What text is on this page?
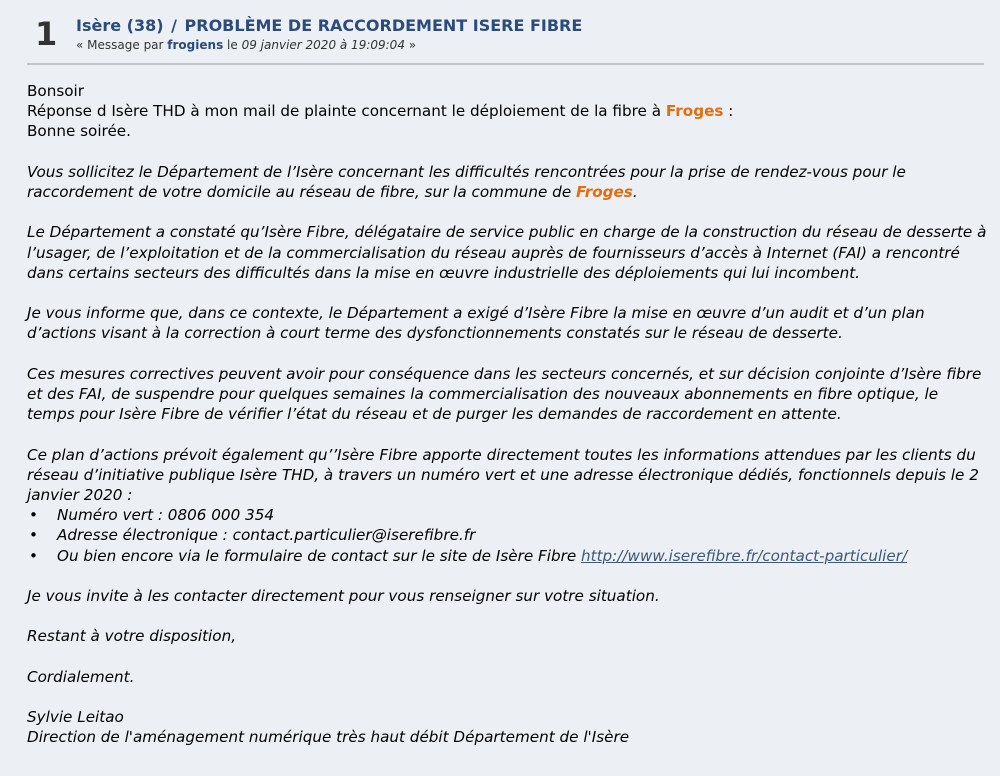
1 Isère (38) / PROBLÈME DE RACCORDEMENT ISERE FIBRE
« Message par frogiens le 09 janvier 2020 à 19:09:04 »

Bonsoir
Réponse d Isère THD à mon mail de plainte concernant le déploiement de la fibre à Froges :
Bonne soirée.

Vous sollicitez le Département de l’Isère concernant les difficultés rencontrées pour la prise de rendez-vous pour le raccordement de votre domicile au réseau de fibre, sur la commune de Froges.

Le Département a constaté qu’Isère Fibre, délégataire de service public en charge de la construction du réseau de desserte à l’usager, de l’exploitation et de la commercialisation du réseau auprès de fournisseurs d’accès à Internet (FAI) a rencontré dans certains secteurs des difficultés dans la mise en œuvre industrielle des déploiements qui lui incombent.

Je vous informe que, dans ce contexte, le Département a exigé d’Isère Fibre la mise en œuvre d’un audit et d’un plan d’actions visant à la correction à court terme des dysfonctionnements constatés sur le réseau de desserte.

Ces mesures correctives peuvent avoir pour conséquence dans les secteurs concernés, et sur décision conjointe d’Isère fibre et des FAI, de suspendre pour quelques semaines la commercialisation des nouveaux abonnements en fibre optique, le temps pour Isère Fibre de vérifier l’état du réseau et de purger les demandes de raccordement en attente.

Ce plan d’actions prévoit également qu’’Isère Fibre apporte directement toutes les informations attendues par les clients du réseau d’initiative publique Isère THD, à travers un numéro vert et une adresse électronique dédiés, fonctionnels depuis le 2 janvier 2020 :
• Numéro vert : 0806 000 354
• Adresse électronique : contact.particulier@iserefibre.fr
• Ou bien encore via le formulaire de contact sur le site de Isère Fibre http://www.iserefibre.fr/contact-particulier/

Je vous invite à les contacter directement pour vous renseigner sur votre situation.

Restant à votre disposition,

Cordialement.

Sylvie Leitao
Direction de l'aménagement numérique très haut débit Département de l'Isère
